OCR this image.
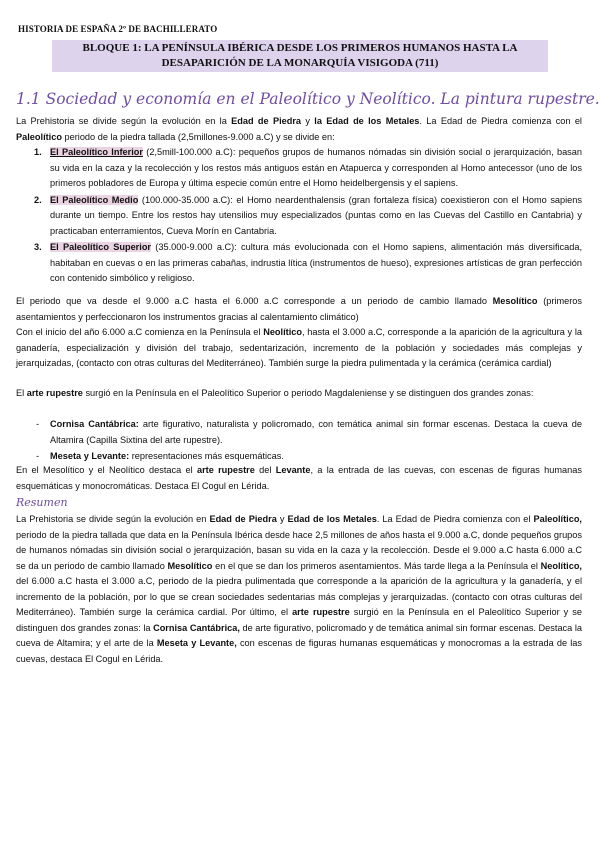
HISTORIA DE ESPAÑA 2º DE BACHILLERATO
BLOQUE 1: LA PENÍNSULA IBÉRICA DESDE LOS PRIMEROS HUMANOS HASTA LA
DESAPARICIÓN DE LA MONARQUÍA VISIGODA (711)
1.1 Sociedad y economía en el Paleolítico y Neolítico. La pintura rupestre.
La Prehistoria se divide según la evolución en la Edad de Piedra y la Edad de los Metales. La Edad de Piedra comienza con el Paleolítico periodo de la piedra tallada (2,5millones-9.000 a.C) y se divide en:
1. El Paleolítico Inferior (2,5mill-100.000 a.C): pequeños grupos de humanos nómadas sin división social o jerarquización, basan su vida en la caza y la recolección y los restos más antiguos están en Atapuerca y corresponden al Homo antecessor (uno de los primeros pobladores de Europa y última especie común entre el Homo heidelbergensis y el sapiens.
2. El Paleolítico Medio (100.000-35.000 a.C): el Homo neardenthalensis (gran fortaleza física) coexistieron con el Homo sapiens durante un tiempo. Entre los restos hay utensilios muy especializados (puntas como en las Cuevas del Castillo en Cantabria) y practicaban enterramientos, Cueva Morín en Cantabria.
3. El Paleolítico Superior (35.000-9.000 a.C): cultura más evolucionada con el Homo sapiens, alimentación más diversificada, habitaban en cuevas o en las primeras cabañas, indrustia lítica (instrumentos de hueso), expresiones artísticas de gran perfección con contenido simbólico y religioso.
El periodo que va desde el 9.000 a.C hasta el 6.000 a.C corresponde a un periodo de cambio llamado Mesolítico (primeros asentamientos y perfeccionaron los instrumentos gracias al calentamiento climático)
Con el inicio del año 6.000 a.C comienza en la Península el Neolítico, hasta el 3.000 a.C, corresponde a la aparición de la agricultura y la ganadería, especialización y división del trabajo, sedentarización, incremento de la población y sociedades más complejas y jerarquizadas, (contacto con otras culturas del Mediterráneo). También surge la piedra pulimentada y la cerámica (cerámica cardial)
El arte rupestre surgió en la Península en el Paleolítico Superior o periodo Magdaleniense y se distinguen dos grandes zonas:
- Cornisa Cantábrica: arte figurativo, naturalista y policromado, con temática animal sin formar escenas. Destaca la cueva de Altamira (Capilla Sixtina del arte rupestre).
- Meseta y Levante: representaciones más esquemáticas.
En el Mesolítico y el Neolítico destaca el arte rupestre del Levante, a la entrada de las cuevas, con escenas de figuras humanas esquemáticas y monocromáticas. Destaca El Cogul en Lérida.
Resumen
La Prehistoria se divide según la evolución en Edad de Piedra y Edad de los Metales. La Edad de Piedra comienza con el Paleolítico, periodo de la piedra tallada que data en la Península Ibérica desde hace 2,5 millones de años hasta el 9.000 a.C, donde pequeños grupos de humanos nómadas sin división social o jerarquización, basan su vida en la caza y la recolección. Desde el 9.000 a.C hasta 6.000 a.C se da un periodo de cambio llamado Mesolítico en el que se dan los primeros asentamientos. Más tarde llega a la Península el Neolítico, del 6.000 a.C hasta el 3.000 a.C, periodo de la piedra pulimentada que corresponde a la aparición de la agricultura y la ganadería, y el incremento de la población, por lo que se crean sociedades sedentarias más complejas y jerarquizadas. (contacto con otras culturas del Mediterráneo). También surge la cerámica cardial. Por último, el arte rupestre surgió en la Península en el Paleolítico Superior y se distinguen dos grandes zonas: la Cornisa Cantábrica, de arte figurativo, policromado y de temática animal sin formar escenas. Destaca la cueva de Altamira; y el arte de la Meseta y Levante, con escenas de figuras humanas esquemáticas y monocromas a la estrada de las cuevas, destaca El Cogul en Lérida.
